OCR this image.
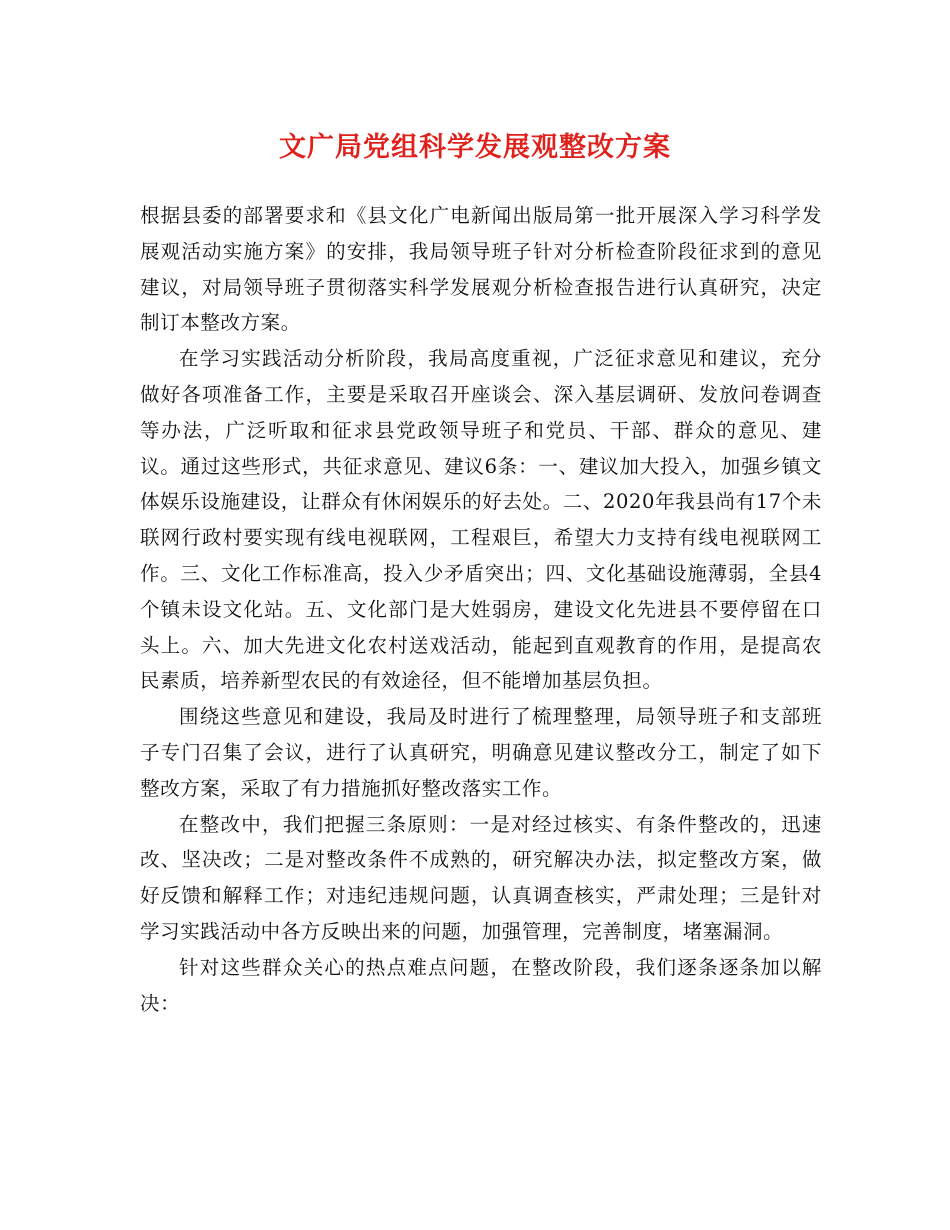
文广局党组科学发展观整改方案

根据县委的部署要求和《县文化广电新闻出版局第一批开展深入学习科学发展观活动实施方案》的安排，我局领导班子针对分析检查阶段征求到的意见建议，对局领导班子贯彻落实科学发展观分析检查报告进行认真研究，决定制订本整改方案。

在学习实践活动分析阶段，我局高度重视，广泛征求意见和建议，充分做好各项准备工作，主要是采取召开座谈会、深入基层调研、发放问卷调查等办法，广泛听取和征求县党政领导班子和党员、干部、群众的意见、建议。通过这些形式，共征求意见、建议6条：一、建议加大投入，加强乡镇文体娱乐设施建设，让群众有休闲娱乐的好去处。二、2020年我县尚有17个未联网行政村要实现有线电视联网，工程艰巨，希望大力支持有线电视联网工作。三、文化工作标准高，投入少矛盾突出；四、文化基础设施薄弱，全县4个镇未设文化站。五、文化部门是大姓弱房，建设文化先进县不要停留在口头上。六、加大先进文化农村送戏活动，能起到直观教育的作用，是提高农民素质，培养新型农民的有效途径，但不能增加基层负担。

围绕这些意见和建设，我局及时进行了梳理整理，局领导班子和支部班子专门召集了会议，进行了认真研究，明确意见建议整改分工，制定了如下整改方案，采取了有力措施抓好整改落实工作。

在整改中，我们把握三条原则：一是对经过核实、有条件整改的，迅速改、坚决改；二是对整改条件不成熟的，研究解决办法，拟定整改方案，做好反馈和解释工作；对违纪违规问题，认真调查核实，严肃处理；三是针对学习实践活动中各方反映出来的问题，加强管理，完善制度，堵塞漏洞。

针对这些群众关心的热点难点问题，在整改阶段，我们逐条逐条加以解决：
